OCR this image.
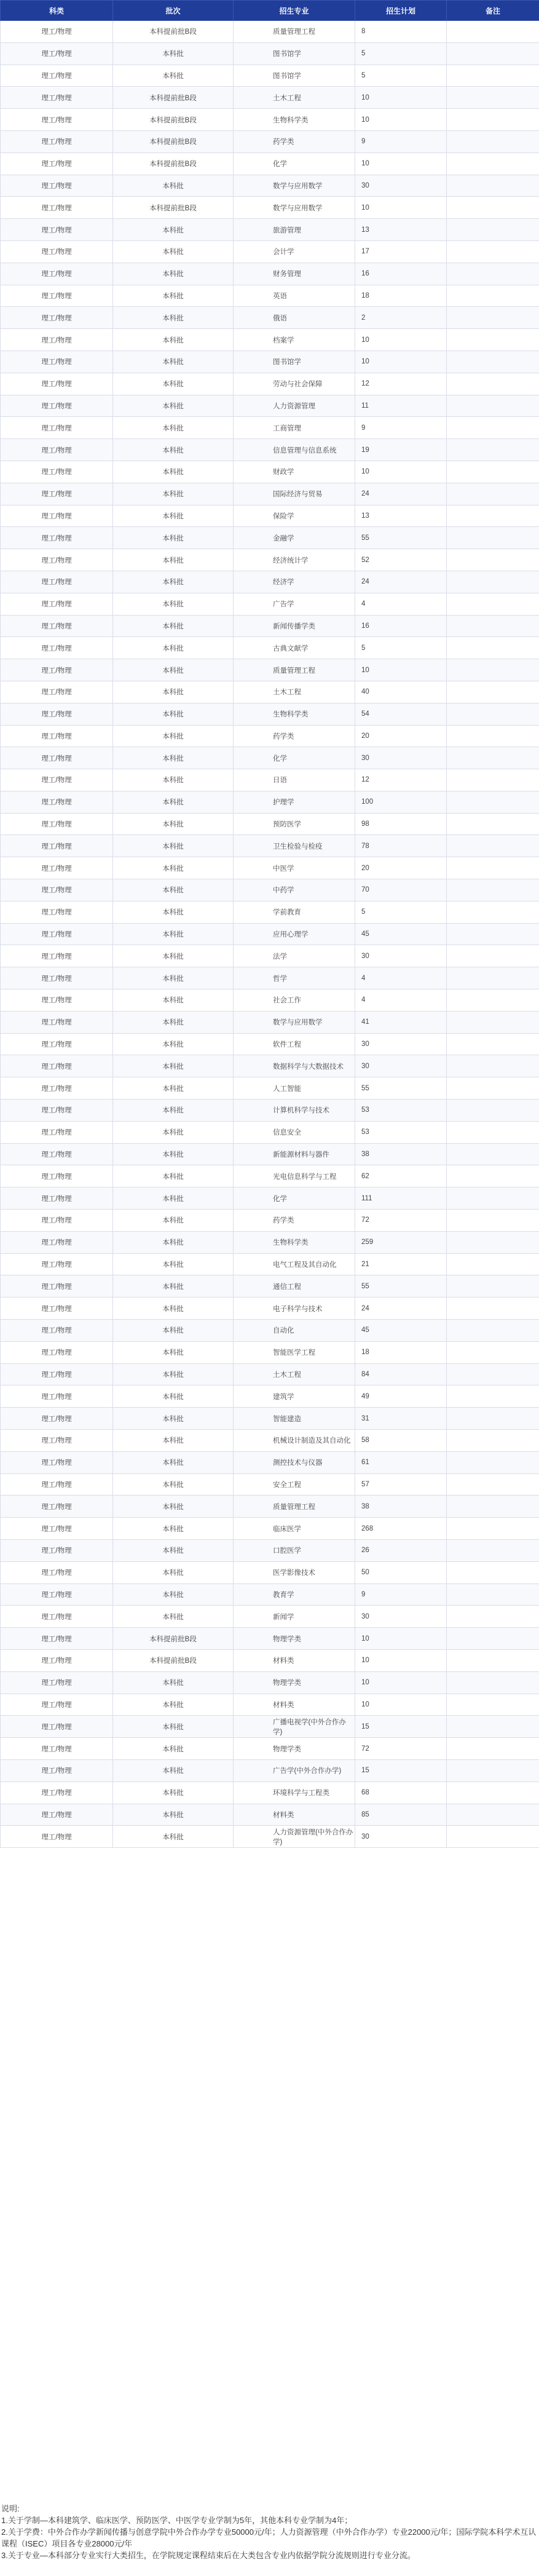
科类	批次	招生专业	招生计划	备注
理工/物理	本科提前批B段	质量管理工程	8	
理工/物理	本科批	图书馆学	5	
理工/物理	本科批	图书馆学	5	
理工/物理	本科提前批B段	土木工程	10	
理工/物理	本科提前批B段	生物科学类	10	
理工/物理	本科提前批B段	药学类	9	
理工/物理	本科提前批B段	化学	10	
理工/物理	本科批	数学与应用数学	30	
理工/物理	本科提前批B段	数学与应用数学	10	
理工/物理	本科批	旅游管理	13	
理工/物理	本科批	会计学	17	
理工/物理	本科批	财务管理	16	
理工/物理	本科批	英语	18	
理工/物理	本科批	俄语	2	
理工/物理	本科批	档案学	10	
理工/物理	本科批	图书馆学	10	
理工/物理	本科批	劳动与社会保障	12	
理工/物理	本科批	人力资源管理	11	
理工/物理	本科批	工商管理	9	
理工/物理	本科批	信息管理与信息系统	19	
理工/物理	本科批	财政学	10	
理工/物理	本科批	国际经济与贸易	24	
理工/物理	本科批	保险学	13	
理工/物理	本科批	金融学	55	
理工/物理	本科批	经济统计学	52	
理工/物理	本科批	经济学	24	
理工/物理	本科批	广告学	4	
理工/物理	本科批	新闻传播学类	16	
理工/物理	本科批	古典文献学	5	
理工/物理	本科批	质量管理工程	10	
理工/物理	本科批	土木工程	40	
理工/物理	本科批	生物科学类	54	
理工/物理	本科批	药学类	20	
理工/物理	本科批	化学	30	
理工/物理	本科批	日语	12	
理工/物理	本科批	护理学	100	
理工/物理	本科批	预防医学	98	
理工/物理	本科批	卫生检验与检疫	78	
理工/物理	本科批	中医学	20	
理工/物理	本科批	中药学	70	
理工/物理	本科批	学前教育	5	
理工/物理	本科批	应用心理学	45	
理工/物理	本科批	法学	30	
理工/物理	本科批	哲学	4	
理工/物理	本科批	社会工作	4	
理工/物理	本科批	数学与应用数学	41	
理工/物理	本科批	软件工程	30	
理工/物理	本科批	数据科学与大数据技术	30	
理工/物理	本科批	人工智能	55	
理工/物理	本科批	计算机科学与技术	53	
理工/物理	本科批	信息安全	53	
理工/物理	本科批	新能源材料与器件	38	
理工/物理	本科批	光电信息科学与工程	62	
理工/物理	本科批	化学	111	
理工/物理	本科批	药学类	72	
理工/物理	本科批	生物科学类	259	
理工/物理	本科批	电气工程及其自动化	21	
理工/物理	本科批	通信工程	55	
理工/物理	本科批	电子科学与技术	24	
理工/物理	本科批	自动化	45	
理工/物理	本科批	智能医学工程	18	
理工/物理	本科批	土木工程	84	
理工/物理	本科批	建筑学	49	
理工/物理	本科批	智能建造	31	
理工/物理	本科批	机械设计制造及其自动化	58	
理工/物理	本科批	测控技术与仪器	61	
理工/物理	本科批	安全工程	57	
理工/物理	本科批	质量管理工程	38	
理工/物理	本科批	临床医学	268	
理工/物理	本科批	口腔医学	26	
理工/物理	本科批	医学影像技术	50	
理工/物理	本科批	教育学	9	
理工/物理	本科批	新闻学	30	
理工/物理	本科提前批B段	物理学类	10	
理工/物理	本科提前批B段	材料类	10	
理工/物理	本科批	物理学类	10	
理工/物理	本科批	材料类	10	
理工/物理	本科批	广播电视学(中外合作办学)	15	
理工/物理	本科批	物理学类	72	
理工/物理	本科批	广告学(中外合作办学)	15	
理工/物理	本科批	环境科学与工程类	68	
理工/物理	本科批	材料类	85	
理工/物理	本科批	人力资源管理(中外合作办学)	30	

说明:

1.关于学制—本科建筑学、临床医学、预防医学、中医学专业学制为5年，其他本科专业学制为4年；

2.关于学费：中外合作办学新闻传播与创意学院中外合作办学专业50000元/年；人力资源管理（中外合作办学）专业22000元/年；国际学院本科学术互认课程（ISEC）项目各专业28000元/年

3.关于专业—本科部分专业实行大类招生，在学院规定课程结束后在大类包含专业内依据学院分流规则进行专业分流。
